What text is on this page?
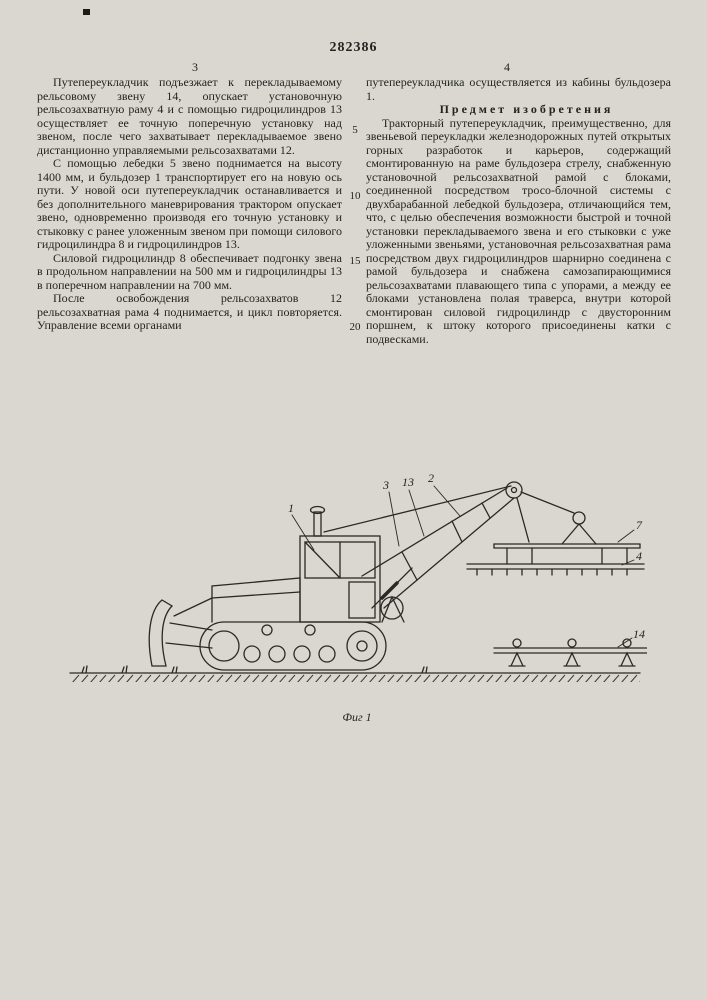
282386
3	4

Путепереукладчик подъезжает к перекладываемому рельсовому звену 14, опускает установочную рельсозахватную раму 4 и с помощью гидроцилиндров 13 осуществляет ее точную поперечную установку над звеном, после чего захватывает перекладываемое звено дистанционно управляемыми рельсозахватами 12.

С помощью лебедки 5 звено поднимается на высоту 1400 мм, и бульдозер 1 транспортирует его на новую ось пути. У новой оси путепереукладчик останавливается и без дополнительного маневрирования трактором опускает звено, одновременно производя его точную установку и стыковку с ранее уложенным звеном при помощи силового гидроцилиндра 8 и гидроцилиндров 13.

Силовой гидроцилиндр 8 обеспечивает подгонку звена в продольном направлении на 500 мм и гидроцилиндры 13 в поперечном направлении на 700 мм.

После освобождения рельсозахватов 12 рельсозахватная рама 4 поднимается, и цикл повторяется. Управление всеми органами

5
10
15
20

путепереукладчика осуществляется из кабины бульдозера 1.

Предмет изобретения

Тракторный путепереукладчик, преимущественно, для звеньевой переукладки железнодорожных путей открытых горных разработок и карьеров, содержащий смонтированную на раме бульдозера стрелу, снабженную установочной рельсозахватной рамой с блоками, соединенной посредством тросо-блочной системы с двухбарабанной лебедкой бульдозера, отличающийся тем, что, с целью обеспечения возможности быстрой и точной установки перекладываемого звена и его стыковки с уже уложенными звеньями, установочная рельсозахватная рама посредством двух гидроцилиндров шарнирно соединена с рамой бульдозера и снабжена самозапирающимися рельсозахватами плавающего типа с упорами, а между ее блоками установлена полая траверса, внутри которой смонтирован силовой гидроцилиндр с двусторонним поршнем, к штоку которого присоединены катки с подвесками.

1
3 13 2
7
4
14
Фиг 1
